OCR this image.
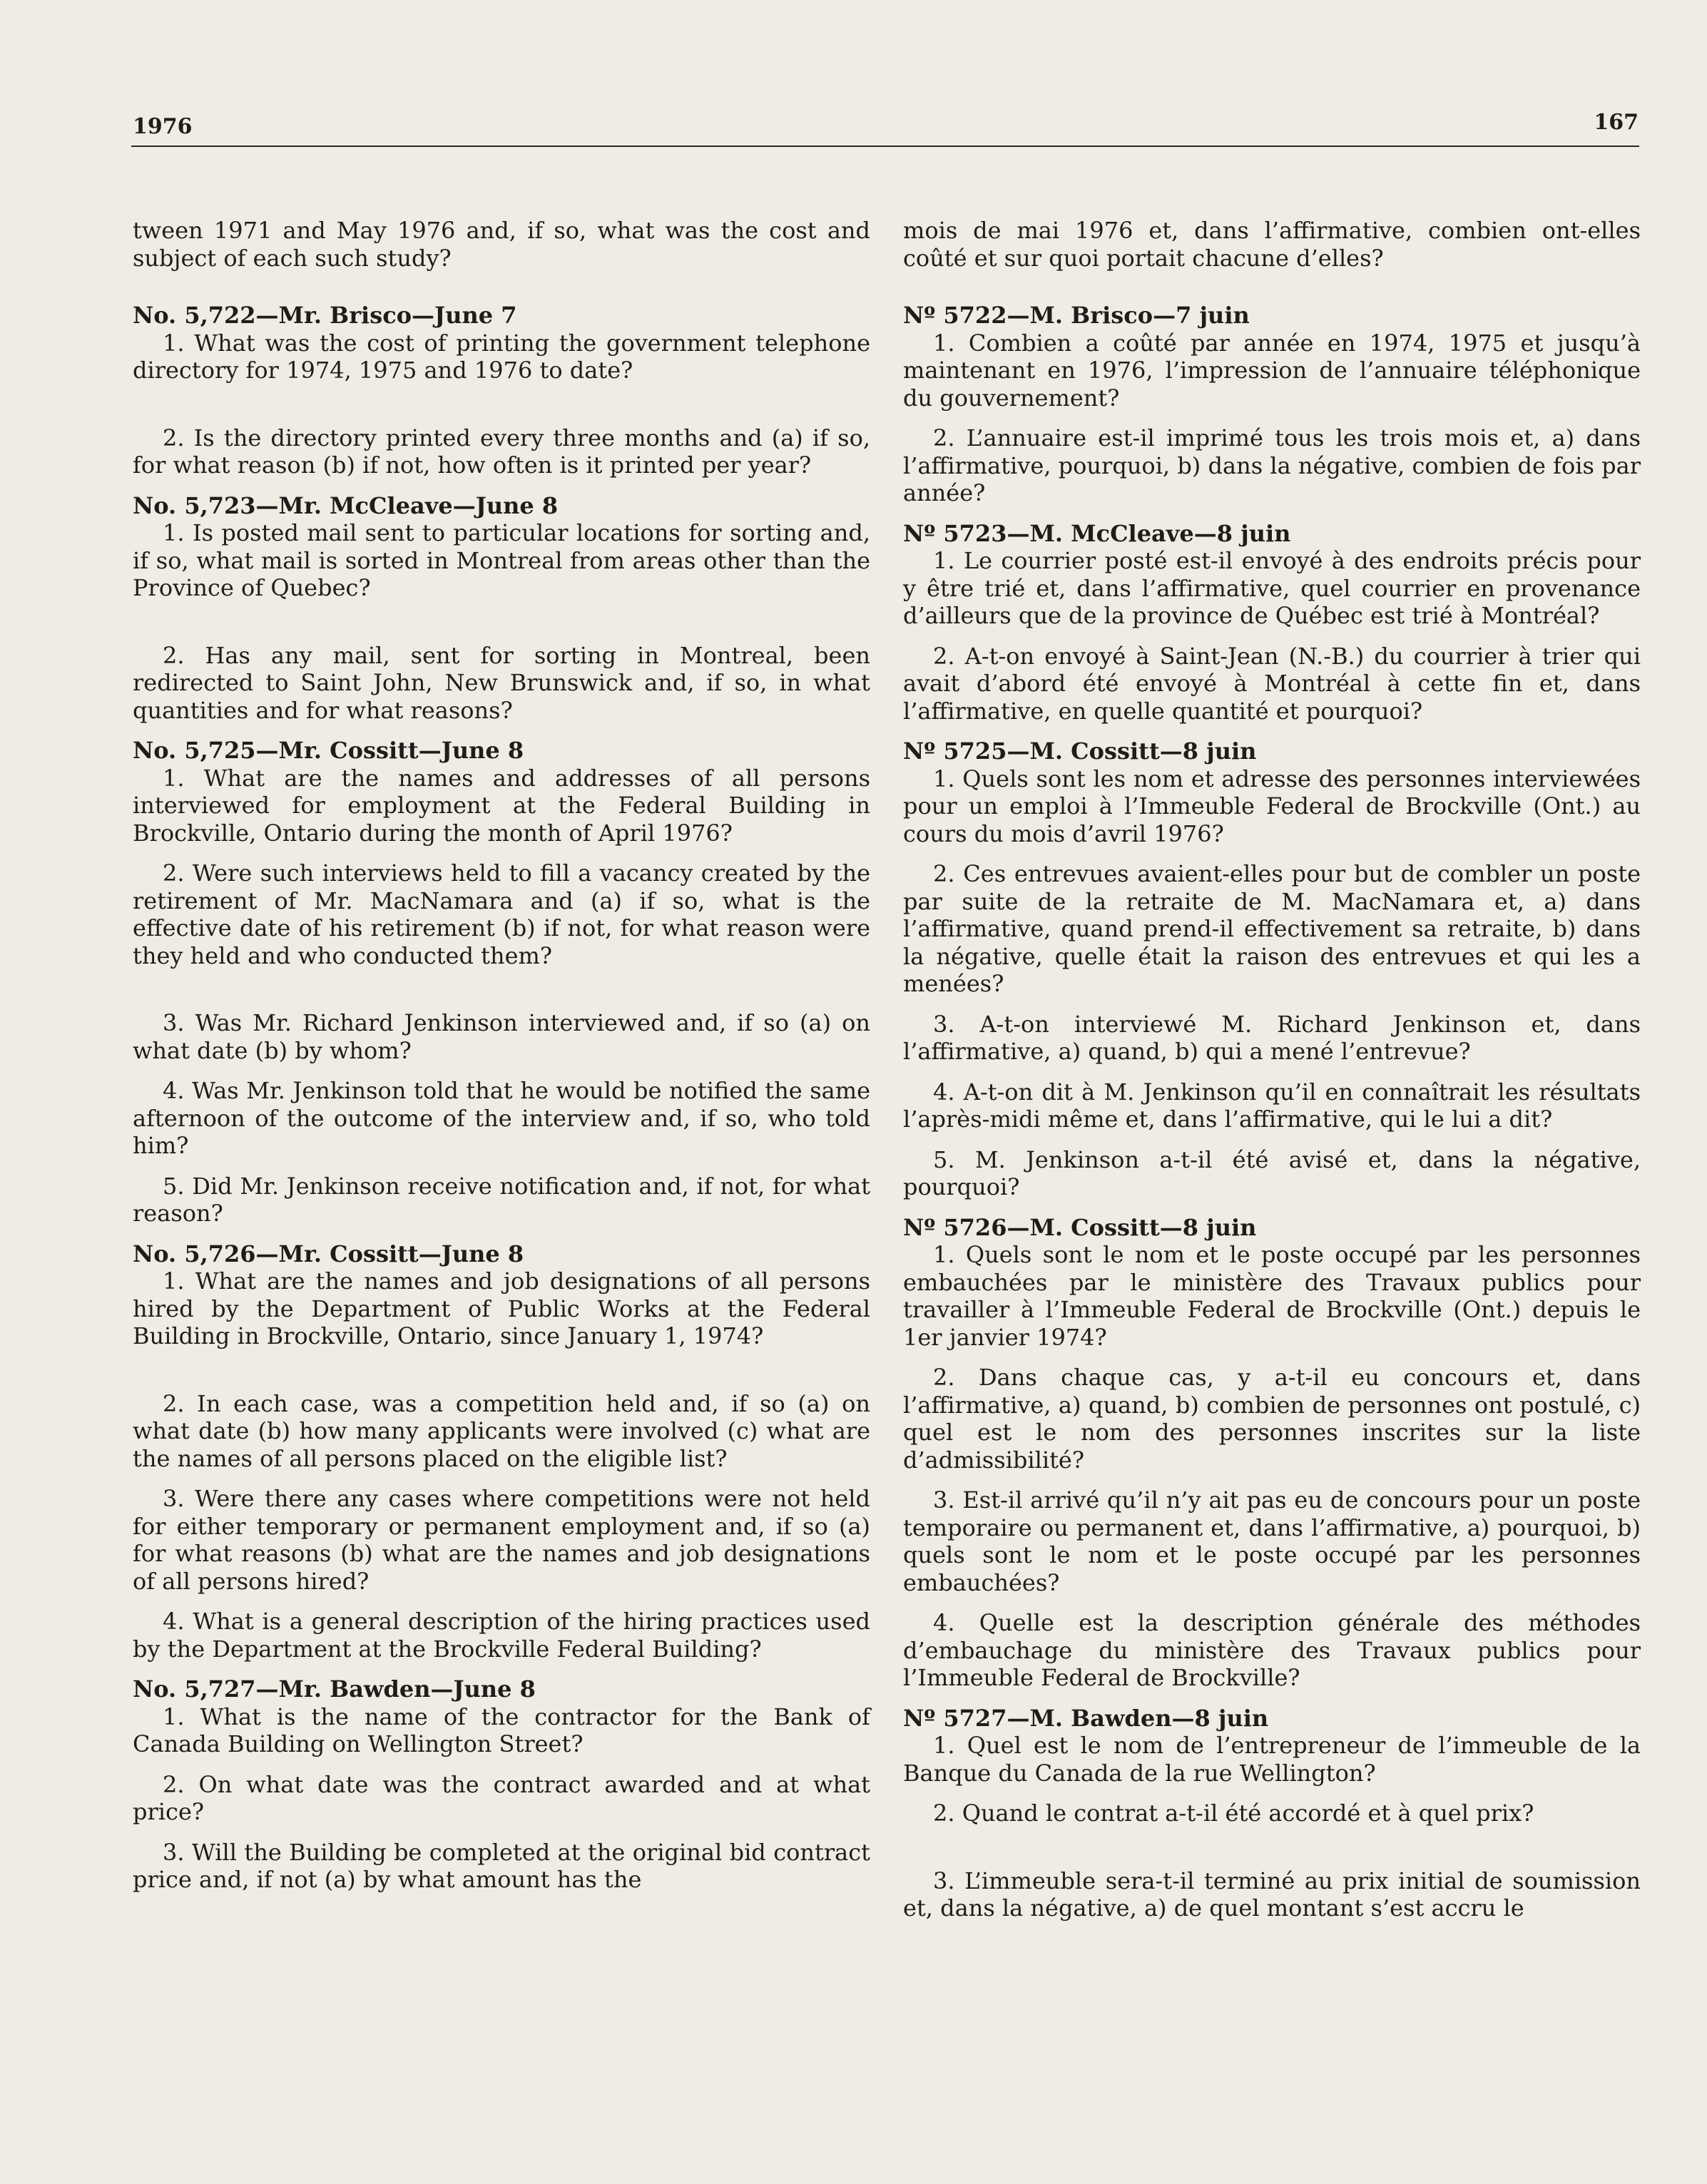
1976	167

tween 1971 and May 1976 and, if so, what was the cost and subject of each such study?

No. 5,722—Mr. Brisco—June 7

1. What was the cost of printing the government telephone directory for 1974, 1975 and 1976 to date?

2. Is the directory printed every three months and (a) if so, for what reason (b) if not, how often is it printed per year?

No. 5,723—Mr. McCleave—June 8

1. Is posted mail sent to particular locations for sorting and, if so, what mail is sorted in Montreal from areas other than the Province of Quebec?

2. Has any mail, sent for sorting in Montreal, been redirected to Saint John, New Brunswick and, if so, in what quantities and for what reasons?

No. 5,725—Mr. Cossitt—June 8

1. What are the names and addresses of all persons interviewed for employment at the Federal Building in Brockville, Ontario during the month of April 1976?

2. Were such interviews held to fill a vacancy created by the retirement of Mr. MacNamara and (a) if so, what is the effective date of his retirement (b) if not, for what reason were they held and who conducted them?

3. Was Mr. Richard Jenkinson interviewed and, if so (a) on what date (b) by whom?

4. Was Mr. Jenkinson told that he would be notified the same afternoon of the outcome of the interview and, if so, who told him?

5. Did Mr. Jenkinson receive notification and, if not, for what reason?

No. 5,726—Mr. Cossitt—June 8

1. What are the names and job designations of all persons hired by the Department of Public Works at the Federal Building in Brockville, Ontario, since January 1, 1974?

2. In each case, was a competition held and, if so (a) on what date (b) how many applicants were involved (c) what are the names of all persons placed on the eligible list?

3. Were there any cases where competitions were not held for either temporary or permanent employment and, if so (a) for what reasons (b) what are the names and job designations of all persons hired?

4. What is a general description of the hiring practices used by the Department at the Brockville Federal Building?

No. 5,727—Mr. Bawden—June 8

1. What is the name of the contractor for the Bank of Canada Building on Wellington Street?

2. On what date was the contract awarded and at what price?

3. Will the Building be completed at the original bid contract price and, if not (a) by what amount has the

mois de mai 1976 et, dans l’affirmative, combien ont-elles coûté et sur quoi portait chacune d’elles?

Nº 5722—M. Brisco—7 juin

1. Combien a coûté par année en 1974, 1975 et jusqu’à maintenant en 1976, l’impression de l’annuaire téléphonique du gouvernement?

2. L’annuaire est-il imprimé tous les trois mois et, a) dans l’affirmative, pourquoi, b) dans la négative, combien de fois par année?

Nº 5723—M. McCleave—8 juin

1. Le courrier posté est-il envoyé à des endroits précis pour y être trié et, dans l’affirmative, quel courrier en provenance d’ailleurs que de la province de Québec est trié à Montréal?

2. A-t-on envoyé à Saint-Jean (N.-B.) du courrier à trier qui avait d’abord été envoyé à Montréal à cette fin et, dans l’affirmative, en quelle quantité et pourquoi?

Nº 5725—M. Cossitt—8 juin

1. Quels sont les nom et adresse des personnes interviewées pour un emploi à l’Immeuble Federal de Brockville (Ont.) au cours du mois d’avril 1976?

2. Ces entrevues avaient-elles pour but de combler un poste par suite de la retraite de M. MacNamara et, a) dans l’affirmative, quand prend-il effectivement sa retraite, b) dans la négative, quelle était la raison des entrevues et qui les a menées?

3. A-t-on interviewé M. Richard Jenkinson et, dans l’affirmative, a) quand, b) qui a mené l’entrevue?

4. A-t-on dit à M. Jenkinson qu’il en connaîtrait les résultats l’après-midi même et, dans l’affirmative, qui le lui a dit?

5. M. Jenkinson a-t-il été avisé et, dans la négative, pourquoi?

Nº 5726—M. Cossitt—8 juin

1. Quels sont le nom et le poste occupé par les personnes embauchées par le ministère des Travaux publics pour travailler à l’Immeuble Federal de Brockville (Ont.) depuis le 1er janvier 1974?

2. Dans chaque cas, y a-t-il eu concours et, dans l’affirmative, a) quand, b) combien de personnes ont postulé, c) quel est le nom des personnes inscrites sur la liste d’admissibilité?

3. Est-il arrivé qu’il n’y ait pas eu de concours pour un poste temporaire ou permanent et, dans l’affirmative, a) pourquoi, b) quels sont le nom et le poste occupé par les personnes embauchées?

4. Quelle est la description générale des méthodes d’embauchage du ministère des Travaux publics pour l’Immeuble Federal de Brockville?

Nº 5727—M. Bawden—8 juin

1. Quel est le nom de l’entrepreneur de l’immeuble de la Banque du Canada de la rue Wellington?

2. Quand le contrat a-t-il été accordé et à quel prix?

3. L’immeuble sera-t-il terminé au prix initial de soumission et, dans la négative, a) de quel montant s’est accru le
